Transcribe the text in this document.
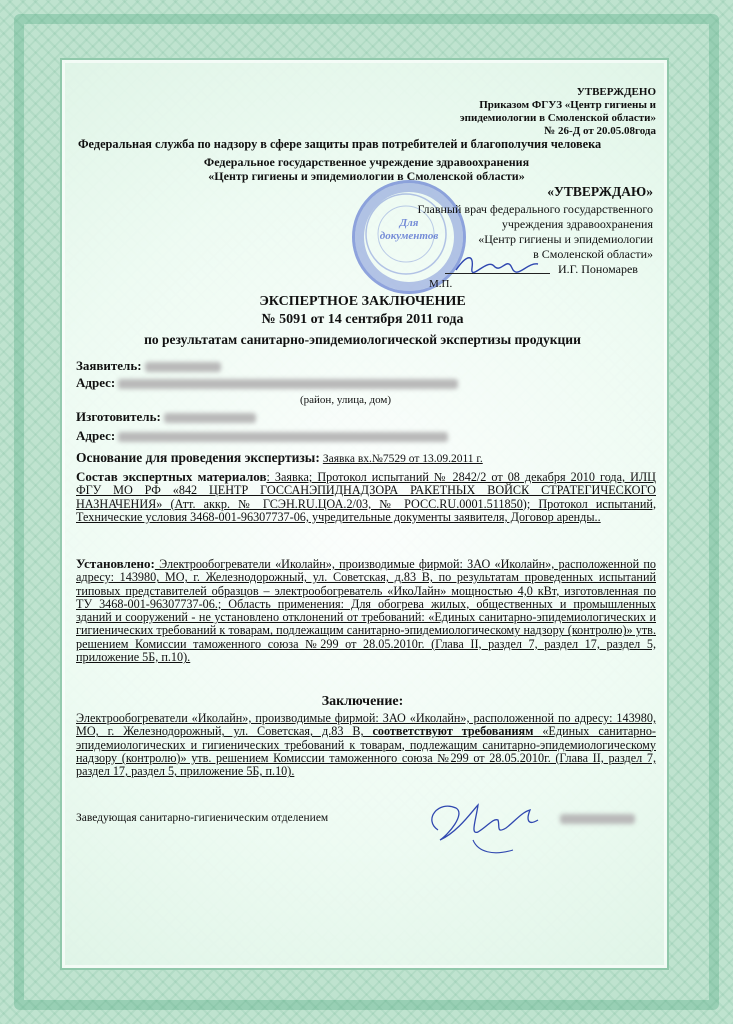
УТВЕРЖДЕНО
Приказом ФГУЗ «Центр гигиены и
эпидемиологии в Смоленской области»
№ 26-Д от 20.05.08года
Федеральная служба по надзору в сфере защиты прав потребителей и благополучия человека
Федеральное государственное учреждение здравоохранения
«Центр гигиены и эпидемиологии в Смоленской области»
Для документов
«УТВЕРЖДАЮ»
Главный врач федерального государственного
учреждения здравоохранения
«Центр гигиены и эпидемиологии
в Смоленской области»
И.Г. Пономарев
М.П.
ЭКСПЕРТНОЕ ЗАКЛЮЧЕНИЕ
№ 5091 от 14 сентября 2011 года
по результатам санитарно-эпидемиологической экспертизы продукции
Заявитель:
Адрес:
(район, улица, дом)
Изготовитель:
Адрес:
Основание для проведения экспертизы: Заявка вх.№7529 от 13.09.2011 г.
Состав экспертных материалов: Заявка; Протокол испытаний № 2842/2 от 08 декабря 2010 года, ИЛЦ ФГУ МО РФ «842 ЦЕНТР ГОССАНЭПИДНАДЗОРА РАКЕТНЫХ ВОЙСК СТРАТЕГИЧЕСКОГО НАЗНАЧЕНИЯ» (Атт. аккр. № ГСЭН.RU.ЦОА.2/03, № РОСС.RU.0001.511850); Протокол испытаний, Технические условия 3468-001-96307737-06, учредительные документы заявителя, Договор аренды..
Установлено: Электрообогреватели «Иколайн», производимые фирмой: ЗАО «Иколайн», расположенной по адресу: 143980, МО, г. Железнодорожный, ул. Советская, д.83 В, по результатам проведенных испытаний типовых представителей образцов – электрообогреватель «ИкоЛайн» мощностью 4,0 кВт, изготовленная по ТУ 3468-001-96307737-06.; Область применения: Для обогрева жилых, общественных и промышленных зданий и сооружений - не установлено отклонений от требований: «Единых санитарно-эпидемиологических и гигиенических требований к товарам, подлежащим санитарно-эпидемиологическому надзору (контролю)» утв. решением Комиссии таможенного союза №299 от 28.05.2010г. (Глава II, раздел 7, раздел 17, раздел 5, приложение 5Б, п.10).
Заключение:
Электрообогреватели «Иколайн», производимые фирмой: ЗАО «Иколайн», расположенной по адресу: 143980, МО, г. Железнодорожный, ул. Советская, д.83 В, соответствуют требованиям «Единых санитарно-эпидемиологических и гигиенических требований к товарам, подлежащим санитарно-эпидемиологическому надзору (контролю)» утв. решением Комиссии таможенного союза №299 от 28.05.2010г. (Глава II, раздел 7, раздел 17, раздел 5, приложение 5Б, п.10).
Заведующая санитарно-гигиеническим отделением
